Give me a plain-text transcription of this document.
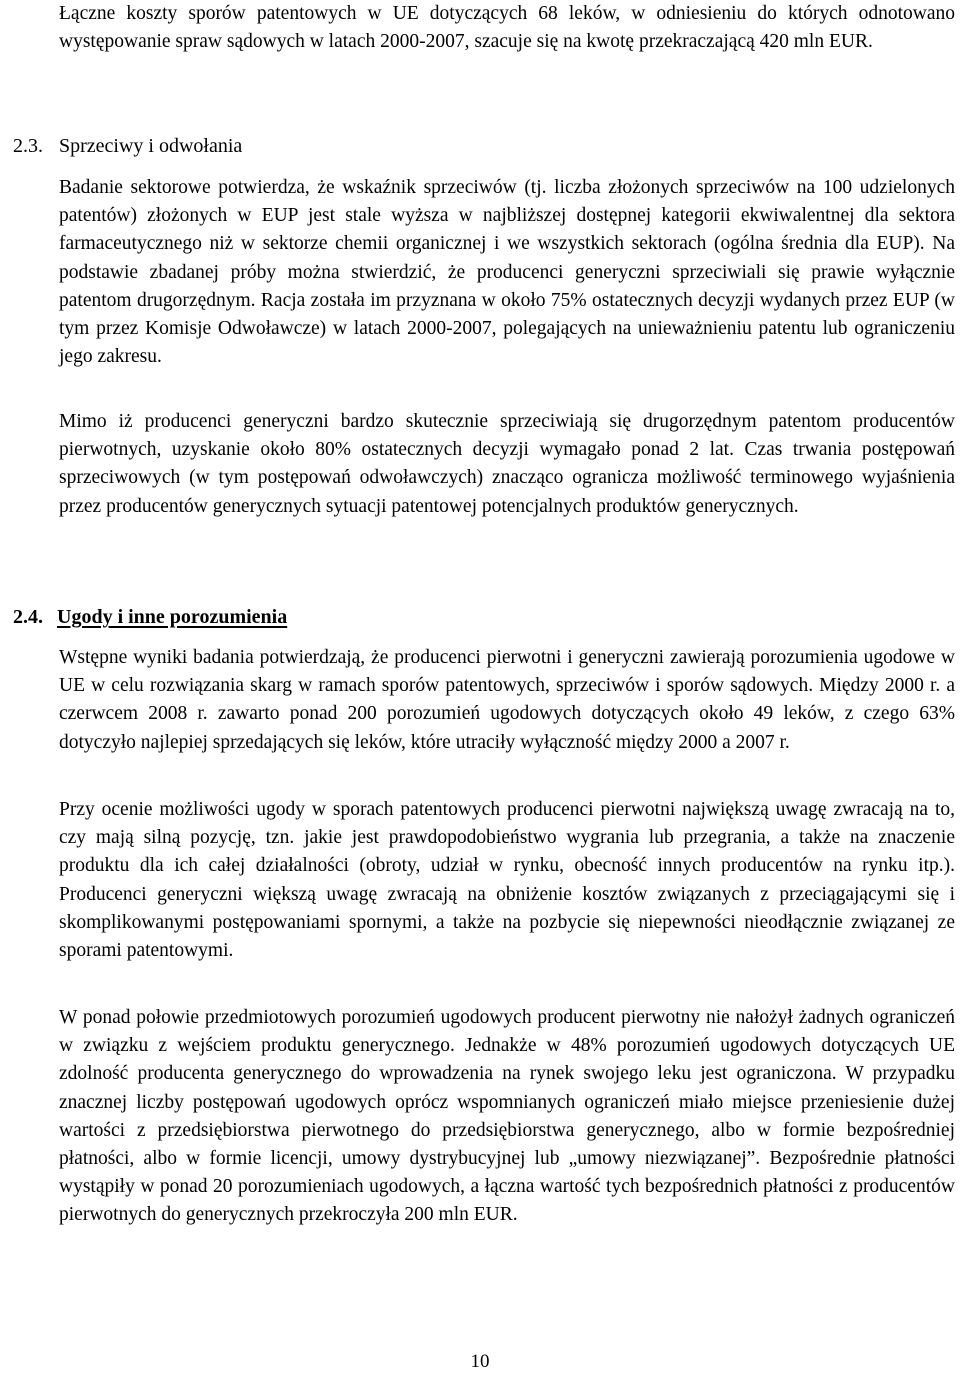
Łączne koszty sporów patentowych w UE dotyczących 68 leków, w odniesieniu do których odnotowano występowanie spraw sądowych w latach 2000-2007, szacuje się na kwotę przekraczającą 420 mln EUR.

2.3. Sprzeciwy i odwołania

Badanie sektorowe potwierdza, że wskaźnik sprzeciwów (tj. liczba złożonych sprzeciwów na 100 udzielonych patentów) złożonych w EUP jest stale wyższa w najbliższej dostępnej kategorii ekwiwalentnej dla sektora farmaceutycznego niż w sektorze chemii organicznej i we wszystkich sektorach (ogólna średnia dla EUP). Na podstawie zbadanej próby można stwierdzić, że producenci generyczni sprzeciwiali się prawie wyłącznie patentom drugorzędnym. Racja została im przyznana w około 75% ostatecznych decyzji wydanych przez EUP (w tym przez Komisje Odwoławcze) w latach 2000-2007, polegających na unieważnieniu patentu lub ograniczeniu jego zakresu.

Mimo iż producenci generyczni bardzo skutecznie sprzeciwiają się drugorzędnym patentom producentów pierwotnych, uzyskanie około 80% ostatecznych decyzji wymagało ponad 2 lat. Czas trwania postępowań sprzeciwowych (w tym postępowań odwoławczych) znacząco ogranicza możliwość terminowego wyjaśnienia przez producentów generycznych sytuacji patentowej potencjalnych produktów generycznych.

2.4. Ugody i inne porozumienia

Wstępne wyniki badania potwierdzają, że producenci pierwotni i generyczni zawierają porozumienia ugodowe w UE w celu rozwiązania skarg w ramach sporów patentowych, sprzeciwów i sporów sądowych. Między 2000 r. a czerwcem 2008 r. zawarto ponad 200 porozumień ugodowych dotyczących około 49 leków, z czego 63% dotyczyło najlepiej sprzedających się leków, które utraciły wyłączność między 2000 a 2007 r.

Przy ocenie możliwości ugody w sporach patentowych producenci pierwotni największą uwagę zwracają na to, czy mają silną pozycję, tzn. jakie jest prawdopodobieństwo wygrania lub przegrania, a także na znaczenie produktu dla ich całej działalności (obroty, udział w rynku, obecność innych producentów na rynku itp.). Producenci generyczni większą uwagę zwracają na obniżenie kosztów związanych z przeciągającymi się i skomplikowanymi postępowaniami spornymi, a także na pozbycie się niepewności nieodłącznie związanej ze sporami patentowymi.

W ponad połowie przedmiotowych porozumień ugodowych producent pierwotny nie nałożył żadnych ograniczeń w związku z wejściem produktu generycznego. Jednakże w 48% porozumień ugodowych dotyczących UE zdolność producenta generycznego do wprowadzenia na rynek swojego leku jest ograniczona. W przypadku znacznej liczby postępowań ugodowych oprócz wspomnianych ograniczeń miało miejsce przeniesienie dużej wartości z przedsiębiorstwa pierwotnego do przedsiębiorstwa generycznego, albo w formie bezpośredniej płatności, albo w formie licencji, umowy dystrybucyjnej lub „umowy niezwiązanej”. Bezpośrednie płatności wystąpiły w ponad 20 porozumieniach ugodowych, a łączna wartość tych bezpośrednich płatności z producentów pierwotnych do generycznych przekroczyła 200 mln EUR.

10
